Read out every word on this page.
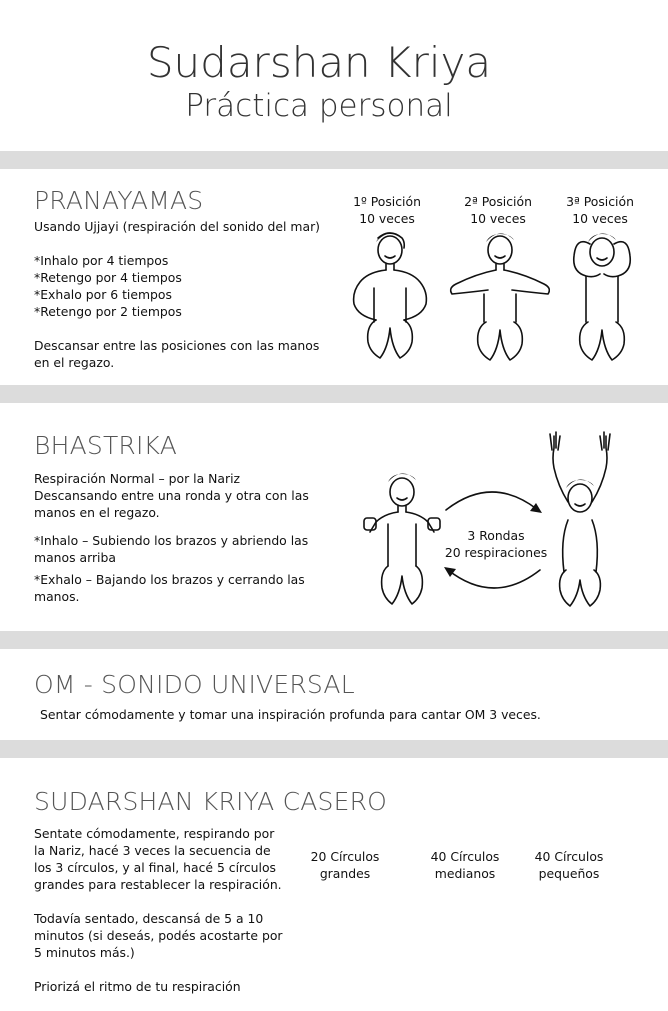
Sudarshan Kriya
Práctica personal
PRANAYAMAS
Usando Ujjayi (respiración del sonido del mar)
*Inhalo por 4 tiempos
*Retengo por 4 tiempos
*Exhalo por 6 tiempos
*Retengo por 2 tiempos
Descansar entre las posiciones con las manos
en el regazo.
1º Posición
10 veces
2ª Posición
10 veces
3ª Posición
10 veces
BHASTRIKA
Respiración Normal – por la Nariz
Descansando entre una ronda y otra con las
manos en el regazo.
*Inhalo – Subiendo los brazos y abriendo las
manos arriba
*Exhalo – Bajando los brazos y cerrando las
manos.
3 Rondas
20 respiraciones
OM - SONIDO UNIVERSAL
Sentar cómodamente y tomar una inspiración profunda para cantar OM 3 veces.
SUDARSHAN KRIYA CASERO
Sentate cómodamente, respirando por
la Nariz, hacé 3 veces la secuencia de
los 3 círculos, y al final, hacé 5 círculos
grandes para restablecer la respiración.
Todavía sentado, descansá de 5 a 10
minutos (si deseás, podés acostarte por
5 minutos más.)
Priorizá el ritmo de tu respiración
20 Círculos
grandes
40 Círculos
medianos
40 Círculos
pequeños
